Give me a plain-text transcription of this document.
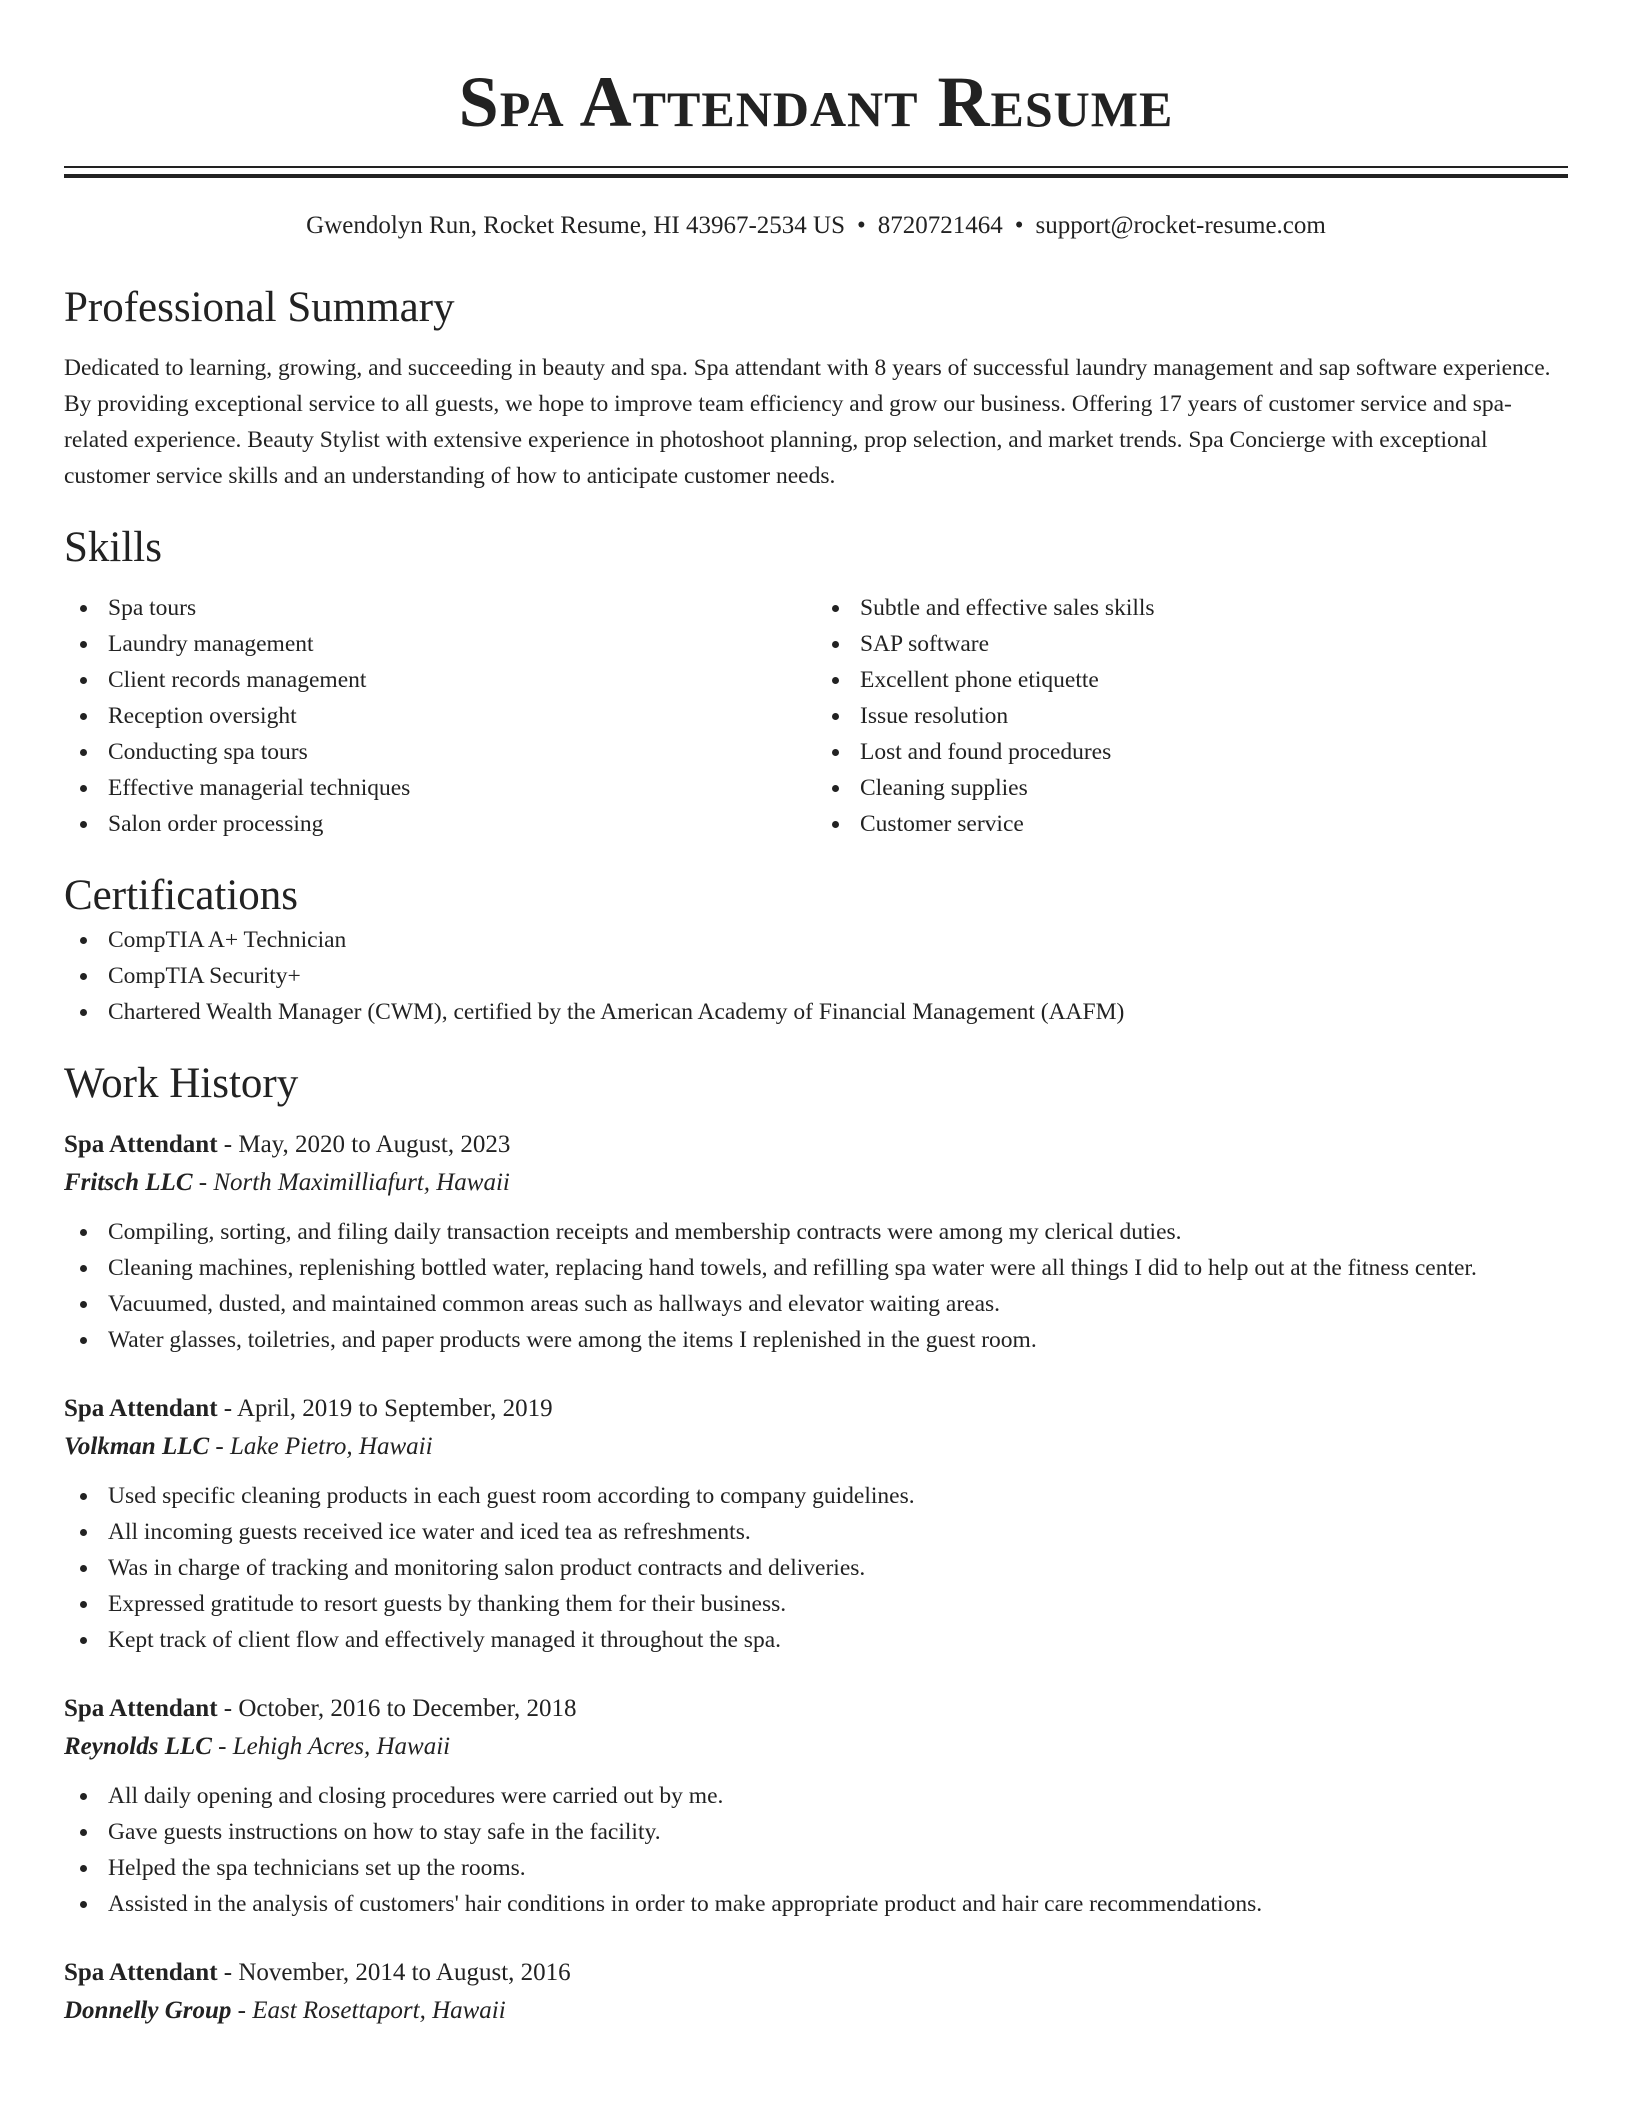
Spa Attendant Resume
Gwendolyn Run, Rocket Resume, HI 43967-2534 US • 8720721464 • support@rocket-resume.com
Professional Summary

Dedicated to learning, growing, and succeeding in beauty and spa. Spa attendant with 8 years of successful laundry management and sap software experience. By providing exceptional service to all guests, we hope to improve team efficiency and grow our business. Offering 17 years of customer service and spa-related experience. Beauty Stylist with extensive experience in photoshoot planning, prop selection, and market trends. Spa Concierge with exceptional customer service skills and an understanding of how to anticipate customer needs.

Skills
Spa tours
Laundry management
Client records management
Reception oversight
Conducting spa tours
Effective managerial techniques
Salon order processing
Subtle and effective sales skills
SAP software
Excellent phone etiquette
Issue resolution
Lost and found procedures
Cleaning supplies
Customer service
Certifications
CompTIA A+ Technician
CompTIA Security+
Chartered Wealth Manager (CWM), certified by the American Academy of Financial Management (AAFM)
Work History
Spa Attendant - May, 2020 to August, 2023
Fritsch LLC - North Maximilliafurt, Hawaii
Compiling, sorting, and filing daily transaction receipts and membership contracts were among my clerical duties.
Cleaning machines, replenishing bottled water, replacing hand towels, and refilling spa water were all things I did to help out at the fitness center.
Vacuumed, dusted, and maintained common areas such as hallways and elevator waiting areas.
Water glasses, toiletries, and paper products were among the items I replenished in the guest room.
Spa Attendant - April, 2019 to September, 2019
Volkman LLC - Lake Pietro, Hawaii
Used specific cleaning products in each guest room according to company guidelines.
All incoming guests received ice water and iced tea as refreshments.
Was in charge of tracking and monitoring salon product contracts and deliveries.
Expressed gratitude to resort guests by thanking them for their business.
Kept track of client flow and effectively managed it throughout the spa.
Spa Attendant - October, 2016 to December, 2018
Reynolds LLC - Lehigh Acres, Hawaii
All daily opening and closing procedures were carried out by me.
Gave guests instructions on how to stay safe in the facility.
Helped the spa technicians set up the rooms.
Assisted in the analysis of customers' hair conditions in order to make appropriate product and hair care recommendations.
Spa Attendant - November, 2014 to August, 2016
Donnelly Group - East Rosettaport, Hawaii
